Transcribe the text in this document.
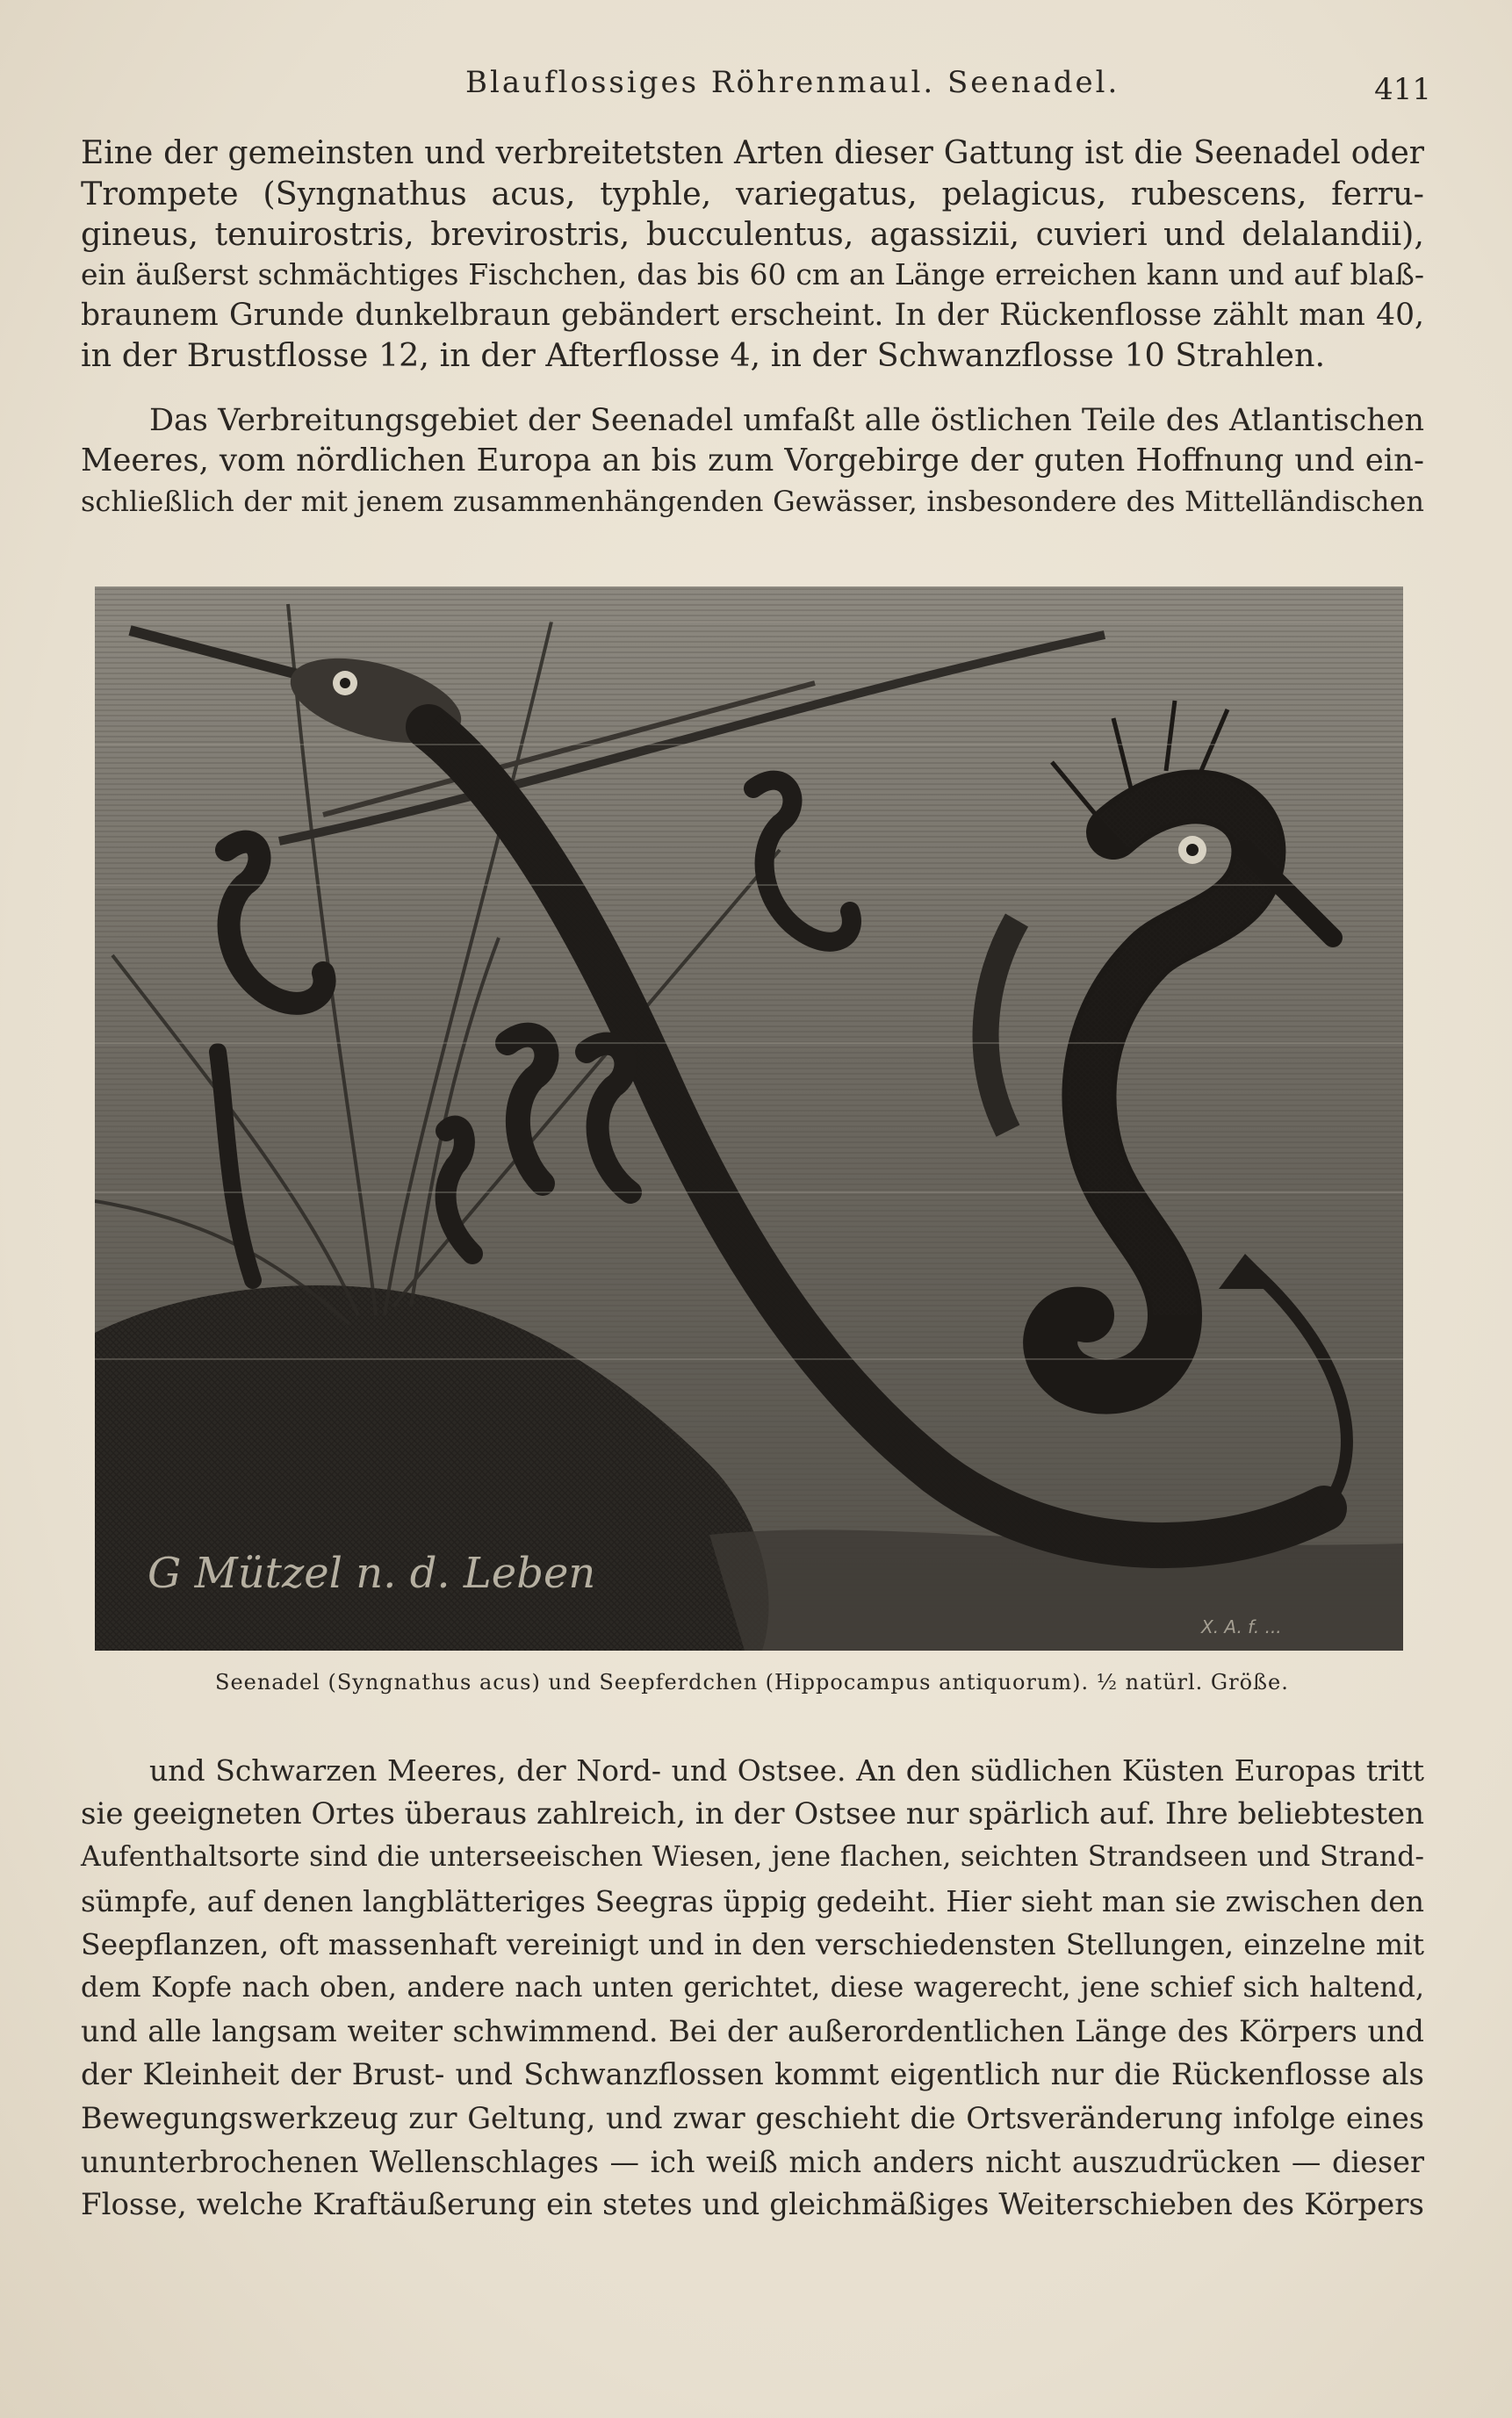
Blauflossiges Röhrenmaul. Seenadel.	411

Eine der gemeinsten und verbreitetsten Arten dieser Gattung ist die Seenadel oder
Trompete (Syngnathus acus, typhle, variegatus, pelagicus, rubescens, ferru-
gineus, tenuirostris, brevirostris, bucculentus, agassizii, cuvieri und delalandii),
ein äußerst schmächtiges Fischchen, das bis 60 cm an Länge erreichen kann und auf blaß-
braunem Grunde dunkelbraun gebändert erscheint. In der Rückenflosse zählt man 40,
in der Brustflosse 12, in der Afterflosse 4, in der Schwanzflosse 10 Strahlen.

Das Verbreitungsgebiet der Seenadel umfaßt alle östlichen Teile des Atlantischen
Meeres, vom nördlichen Europa an bis zum Vorgebirge der guten Hoffnung und ein-
schließlich der mit jenem zusammenhängenden Gewässer, insbesondere des Mittelländischen

G Mützel n. d. Leben
X. A. f. ...
Seenadel (Syngnathus acus) und Seepferdchen (Hippocampus antiquorum). ½ natürl. Größe.

und Schwarzen Meeres, der Nord- und Ostsee. An den südlichen Küsten Europas tritt
sie geeigneten Ortes überaus zahlreich, in der Ostsee nur spärlich auf. Ihre beliebtesten
Aufenthaltsorte sind die unterseeischen Wiesen, jene flachen, seichten Strandseen und Strand-
sümpfe, auf denen langblätteriges Seegras üppig gedeiht. Hier sieht man sie zwischen den
Seepflanzen, oft massenhaft vereinigt und in den verschiedensten Stellungen, einzelne mit
dem Kopfe nach oben, andere nach unten gerichtet, diese wagerecht, jene schief sich haltend,
und alle langsam weiter schwimmend. Bei der außerordentlichen Länge des Körpers und
der Kleinheit der Brust- und Schwanzflossen kommt eigentlich nur die Rückenflosse als
Bewegungswerkzeug zur Geltung, und zwar geschieht die Ortsveränderung infolge eines
ununterbrochenen Wellenschlages — ich weiß mich anders nicht auszudrücken — dieser
Flosse, welche Kraftäußerung ein stetes und gleichmäßiges Weiterschieben des Körpers
